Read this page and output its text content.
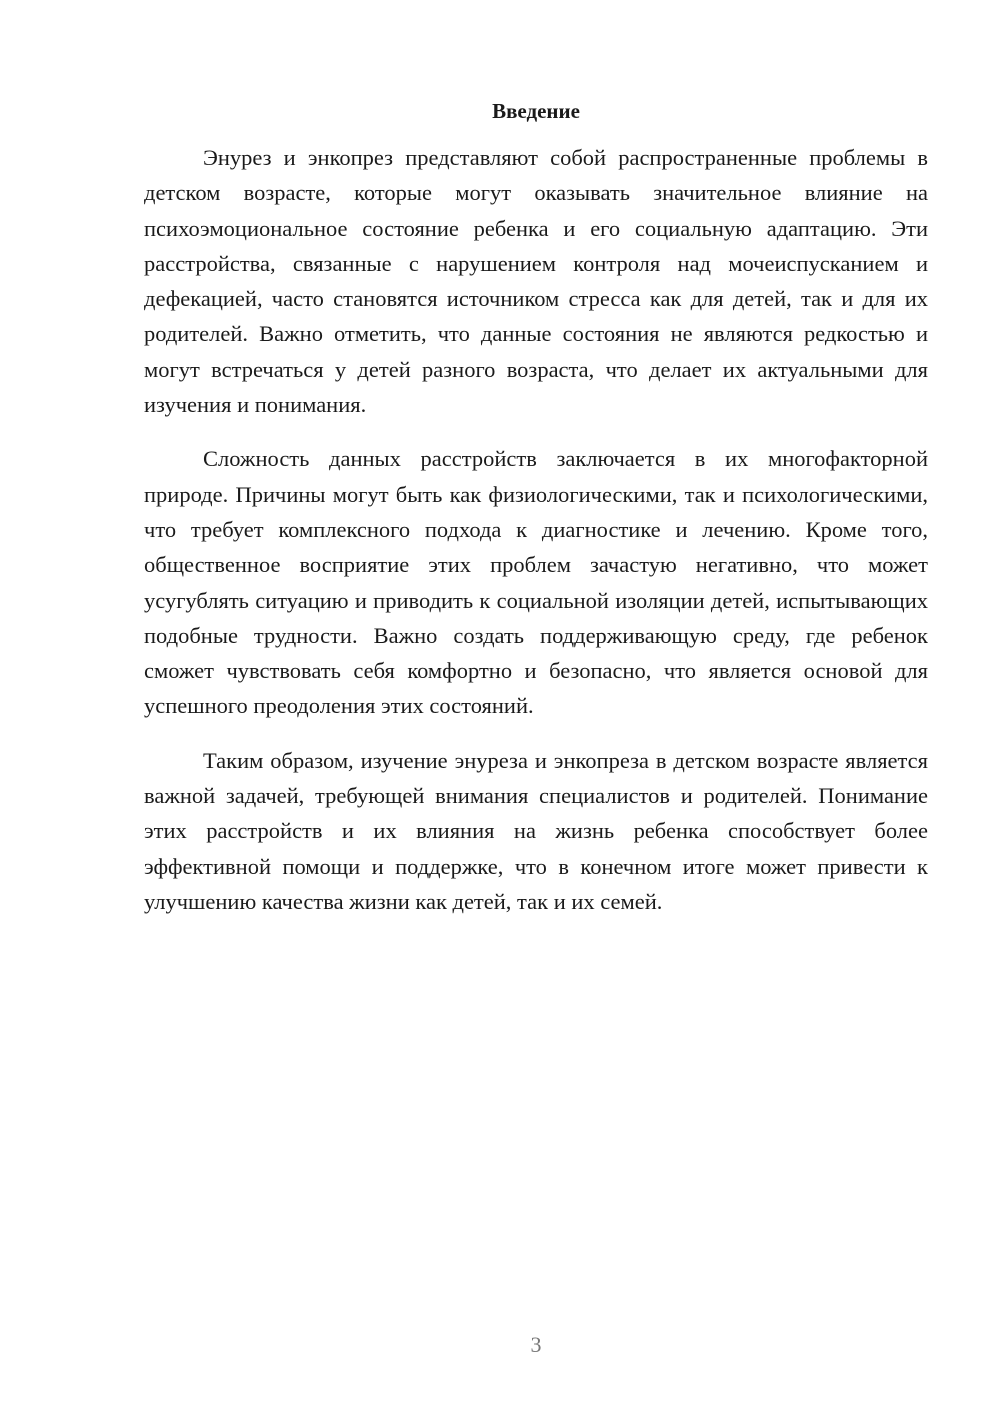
Введение

Энурез и энкопрез представляют собой распространенные проблемы в детском возрасте, которые могут оказывать значительное влияние на психоэмоциональное состояние ребенка и его социальную адаптацию. Эти расстройства, связанные с нарушением контроля над мочеиспусканием и дефекацией, часто становятся источником стресса как для детей, так и для их родителей. Важно отметить, что данные состояния не являются редкостью и могут встречаться у детей разного возраста, что делает их актуальными для изучения и понимания.

Сложность данных расстройств заключается в их многофакторной природе. Причины могут быть как физиологическими, так и психологическими, что требует комплексного подхода к диагностике и лечению. Кроме того, общественное восприятие этих проблем зачастую негативно, что может усугублять ситуацию и приводить к социальной изоляции детей, испытывающих подобные трудности. Важно создать поддерживающую среду, где ребенок сможет чувствовать себя комфортно и безопасно, что является основой для успешного преодоления этих состояний.

Таким образом, изучение энуреза и энкопреза в детском возрасте является важной задачей, требующей внимания специалистов и родителей. Понимание этих расстройств и их влияния на жизнь ребенка способствует более эффективной помощи и поддержке, что в конечном итоге может привести к улучшению качества жизни как детей, так и их семей.

3
